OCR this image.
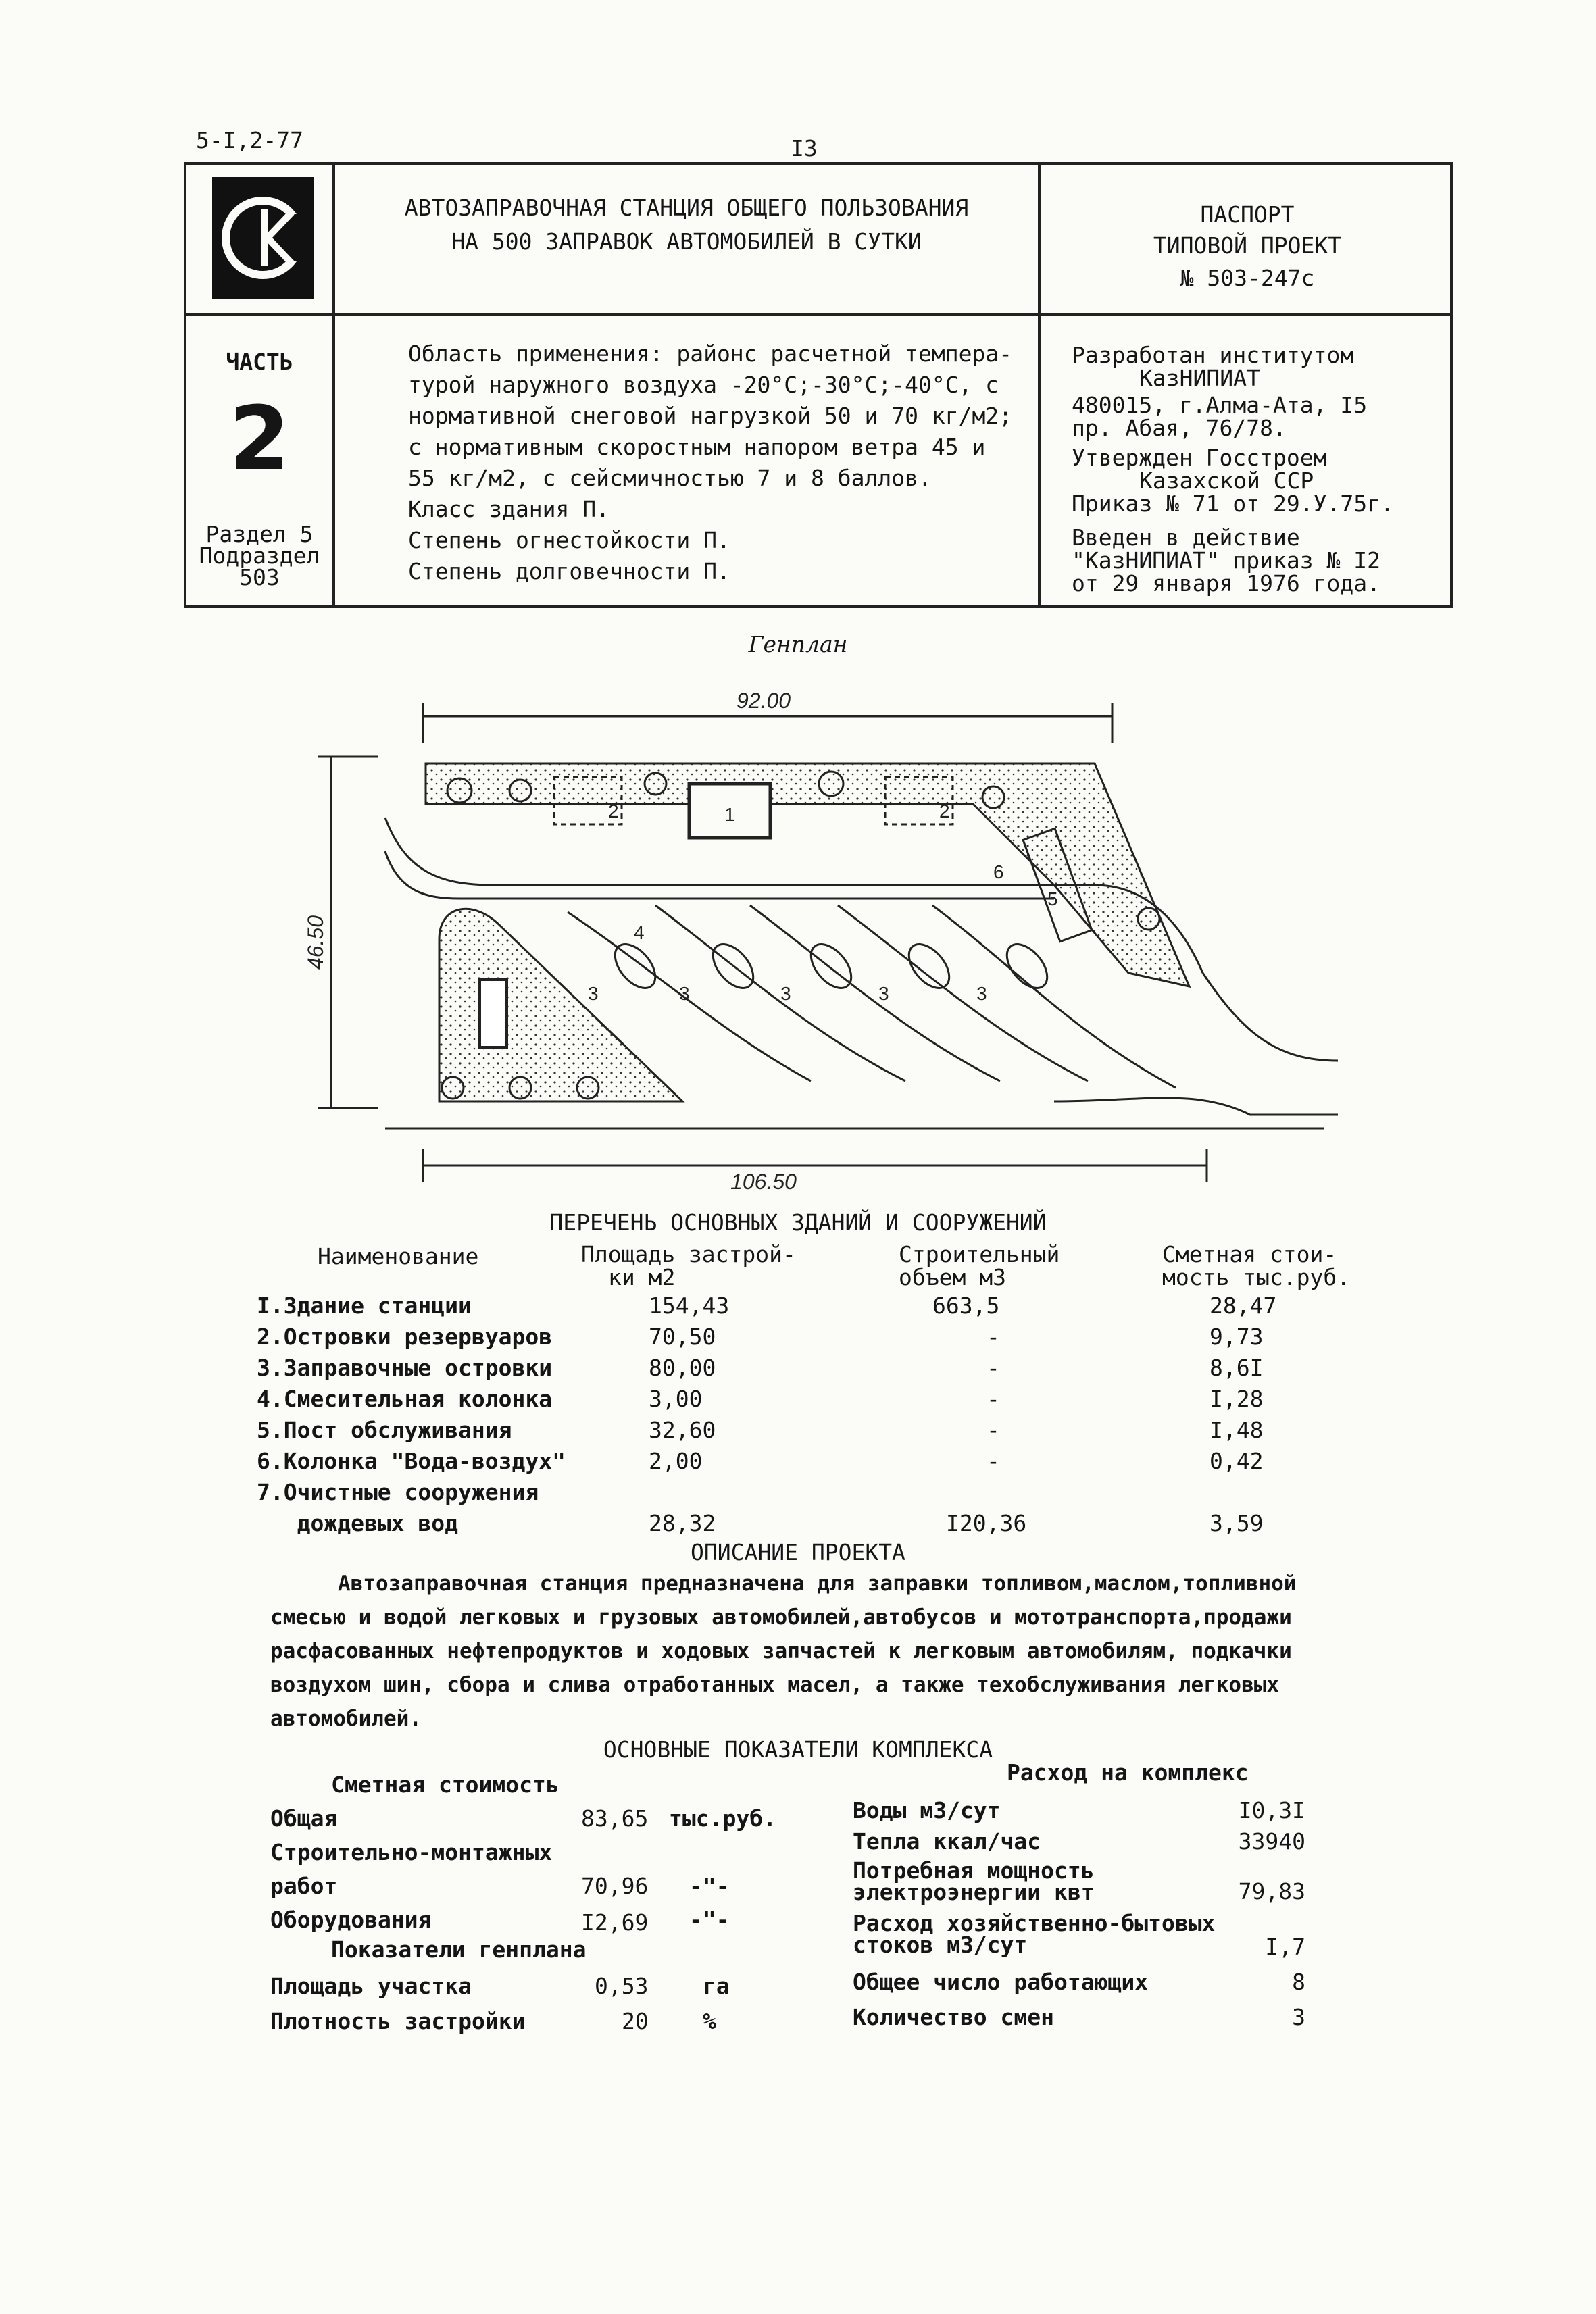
5-I,2-77	I3
СК
АВТОЗАПРАВОЧНАЯ СТАНЦИЯ ОБЩЕГО ПОЛЬЗОВАНИЯ
НА 500 ЗАПРАВОК АВТОМОБИЛЕЙ В СУТКИ
ПАСПОРТ
ТИПОВОЙ ПРОЕКТ
№ 503-247с
ЧАСТЬ
2
Раздел 5
Подраздел
503
Область применения: районс расчетной темпера-
турой наружного воздуха -20°С;-30°С;-40°С, с
нормативной снеговой нагрузкой 50 и 70 кг/м2;
с нормативным скоростным напором ветра 45 и
55 кг/м2, с сейсмичностью 7 и 8 баллов.
Класс здания П.
Степень огнестойкости П.
Степень долговечности П.
Разработан институтом
КазНИПИАТ
480015, г.Алма-Ата, I5
пр. Абая, 76/78.
Утвержден Госстроем
Казахской ССР
Приказ № 71 от 29.У.75г.
Введен в действие
"КазНИПИАТ" приказ № I2
от 29 января 1976 года.
Генплан
92.00
46.50
106.50
1
2	2
3	3	3	3	3
4
5
6
ПЕРЕЧЕНЬ ОСНОВНЫХ ЗДАНИЙ И СООРУЖЕНИЙ
Наименование	Площадь застрой-
ки м2
Строительный
объем м3
Сметная стои-
мость тыс.руб.
I.Здание станции	154,43	663,5	28,47
2.Островки резервуаров	70,50	-	9,73
3.Заправочные островки	80,00	-	8,6I
4.Смесительная колонка	3,00	-	I,28
5.Пост обслуживания	32,60	-	I,48
6.Колонка "Вода-воздух"	2,00	-	0,42
7.Очистные сооружения
дождевых вод	28,32	I20,36	3,59
ОПИСАНИЕ ПРОЕКТА
Автозаправочная станция предназначена для заправки топливом,маслом,топливной
смесью и водой легковых и грузовых автомобилей,автобусов и мототранспорта,продажи
расфасованных нефтепродуктов и ходовых запчастей к легковым автомобилям, подкачки
воздухом шин, сбора и слива отработанных масел, а также техобслуживания легковых
автомобилей.
ОСНОВНЫЕ ПОКАЗАТЕЛИ КОМПЛЕКСА
Сметная стоимость
Общая	83,65 тыс.руб.
Строительно-монтажных
работ	70,96 -"-
Оборудования	I2,69 -"-
Показатели генплана
Площадь участка	0,53 га
Плотность застройки	20 %
Расход на комплекс
Воды м3/сут	I0,3I
Тепла ккал/час	33940
Потребная мощность
электроэнергии квт	79,83
Расход хозяйственно-бытовых
стоков м3/сут	I,7
Общее число работающих	8
Количество смен	3
